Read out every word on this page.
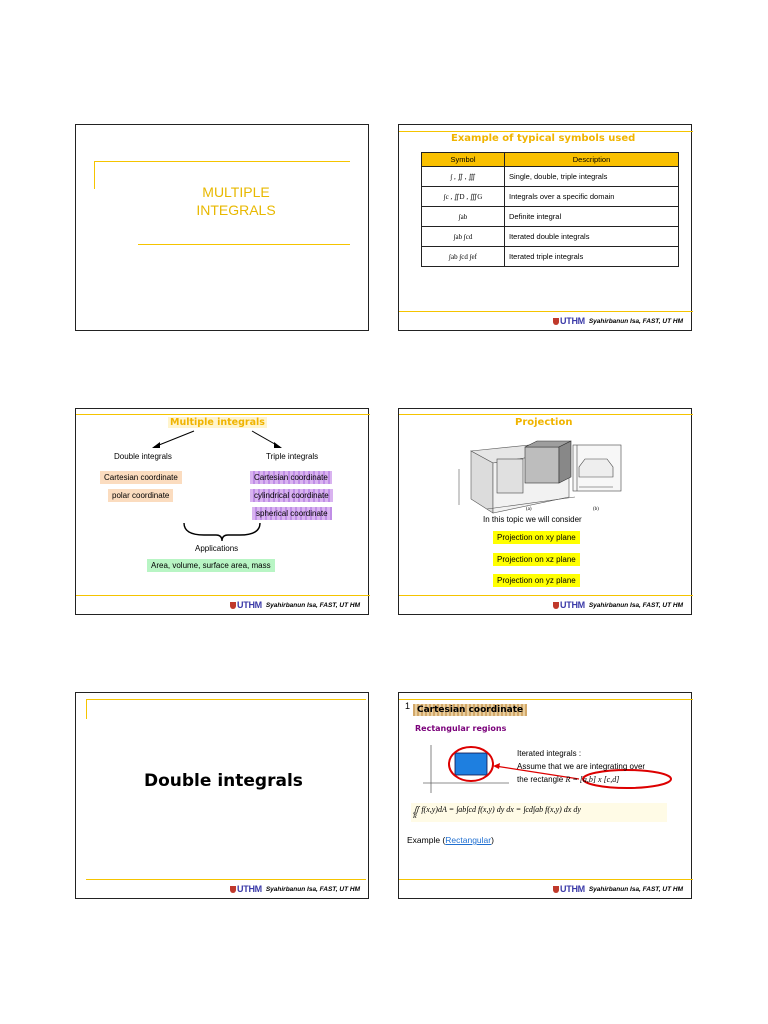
MULTIPLE INTEGRALS
Example of typical symbols used
Symbol	Description
∫ , ∬ , ∭	Single, double, triple integrals
∫c , ∬D , ∭G	Integrals over a specific domain
∫ab	Definite integral
∫ab ∫cd	Iterated double integrals
∫ab ∫cd ∫ef	Iterated triple integrals
UTHM Syahirbanun Isa, FAST, UT HM
Multiple integrals
Double integrals	Triple integrals
Cartesian coordinate
polar coordinate
Cartesian coordinate
cylindrical coordinate
spherical coordinate
Applications
Area, volume, surface area, mass
UTHM Syahirbanun Isa, FAST, UT HM
Projection
(a)	(b)
In this topic we will consider
Projection on xy plane
Projection on xz plane
Projection on yz plane
UTHM Syahirbanun Isa, FAST, UT HM
Double integrals
UTHM Syahirbanun Isa, FAST, UT HM
1 Cartesian coordinate
Rectangular regions
Iterated integrals :
Assume that we are integrating over
the rectangle R = [a,b] x [c,d]
∬ f(x,y)dA = ∫ab∫cd f(x,y) dy dx = ∫cd∫ab f(x,y) dx dy
R
Example (Rectangular)
UTHM Syahirbanun Isa, FAST, UT HM
